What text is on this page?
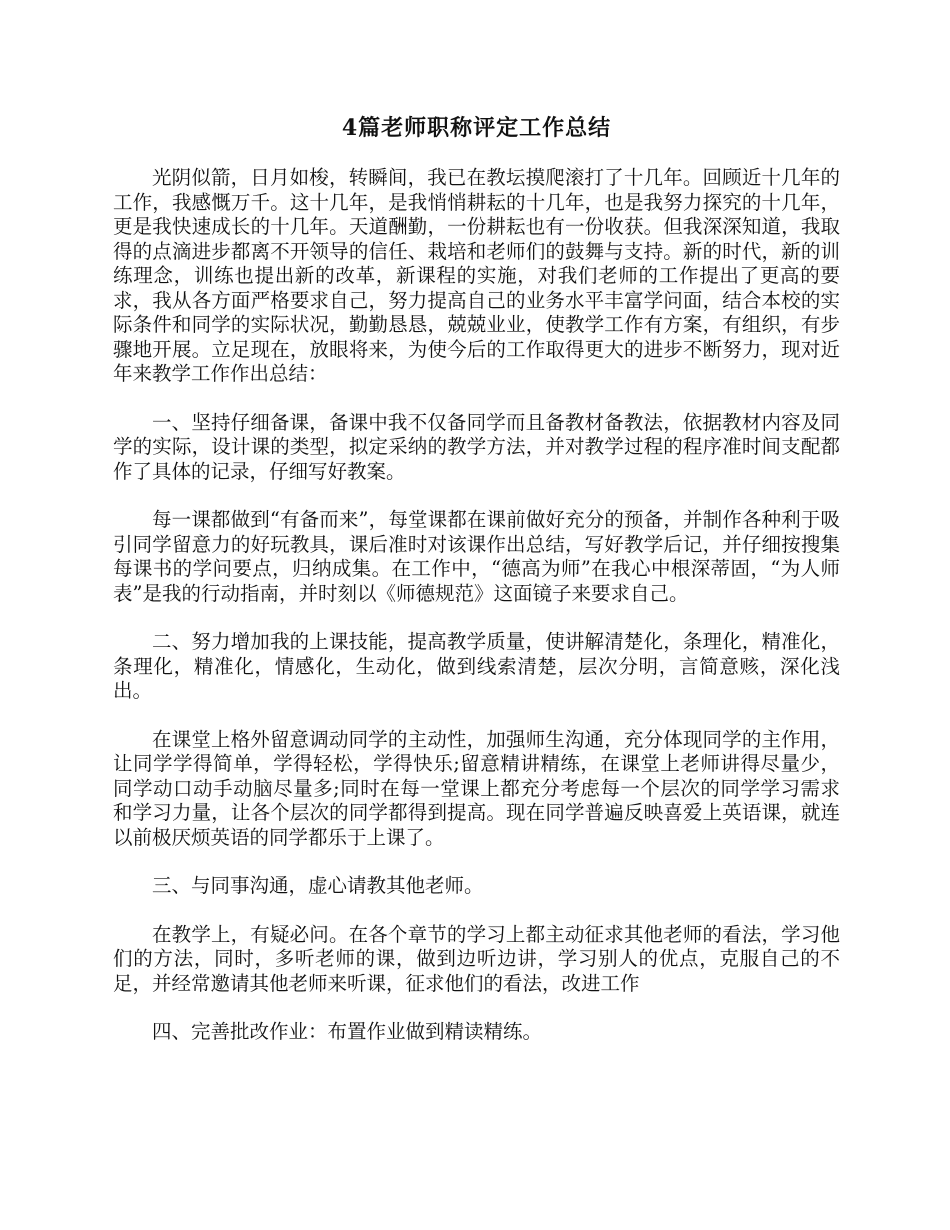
4篇老师职称评定工作总结

光阴似箭，日月如梭，转瞬间，我已在教坛摸爬滚打了十几年。回顾近十几年的工作，我感慨万千。这十几年，是我悄悄耕耘的十几年，也是我努力探究的十几年，更是我快速成长的十几年。天道酬勤，一份耕耘也有一份收获。但我深深知道，我取得的点滴进步都离不开领导的信任、栽培和老师们的鼓舞与支持。新的时代，新的训练理念，训练也提出新的改革，新课程的实施，对我们老师的工作提出了更高的要求，我从各方面严格要求自己，努力提高自己的业务水平丰富学问面，结合本校的实际条件和同学的实际状况，勤勤恳恳，兢兢业业，使教学工作有方案，有组织，有步骤地开展。立足现在，放眼将来，为使今后的工作取得更大的进步不断努力，现对近年来教学工作作出总结：

一、坚持仔细备课，备课中我不仅备同学而且备教材备教法，依据教材内容及同学的实际，设计课的类型，拟定采纳的教学方法，并对教学过程的程序准时间支配都作了具体的记录，仔细写好教案。

每一课都做到“有备而来”，每堂课都在课前做好充分的预备，并制作各种利于吸引同学留意力的好玩教具，课后准时对该课作出总结，写好教学后记，并仔细按搜集每课书的学问要点，归纳成集。在工作中，“德高为师”在我心中根深蒂固，“为人师表”是我的行动指南，并时刻以《师德规范》这面镜子来要求自己。

二、努力增加我的上课技能，提高教学质量，使讲解清楚化，条理化，精准化，条理化，精准化，情感化，生动化，做到线索清楚，层次分明，言简意赅，深化浅出。

在课堂上格外留意调动同学的主动性，加强师生沟通，充分体现同学的主作用，让同学学得简单，学得轻松，学得快乐;留意精讲精练，在课堂上老师讲得尽量少，同学动口动手动脑尽量多;同时在每一堂课上都充分考虑每一个层次的同学学习需求和学习力量，让各个层次的同学都得到提高。现在同学普遍反映喜爱上英语课，就连以前极厌烦英语的同学都乐于上课了。

三、与同事沟通，虚心请教其他老师。

在教学上，有疑必问。在各个章节的学习上都主动征求其他老师的看法，学习他们的方法，同时，多听老师的课，做到边听边讲，学习别人的优点，克服自己的不足，并经常邀请其他老师来听课，征求他们的看法，改进工作

四、完善批改作业：布置作业做到精读精练。
